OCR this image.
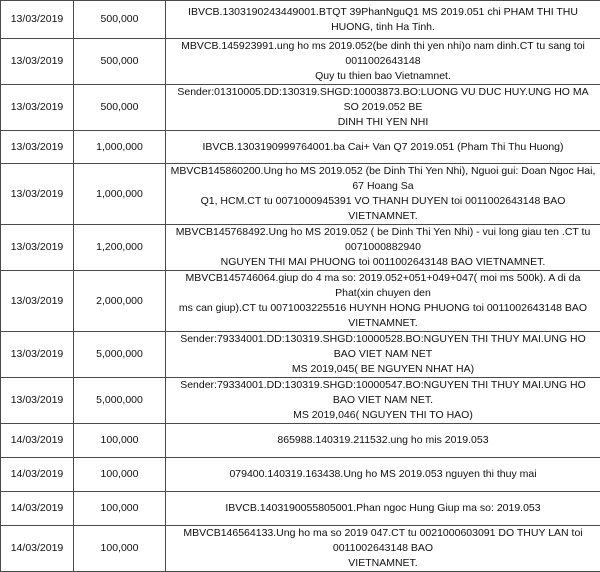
13/03/2019	500,000	IBVCB.1303190243449001.BTQT 39PhanNguQ1 MS 2019.051 chi PHAM THI THU HUONG, tinh Ha Tinh.

13/03/2019	500,000	MBVCB.145923991.ung ho ms 2019.052(be dinh thi yen nhi)o nam dinh.CT tu sang toi 0011002643148
Quy tu thien bao Vietnamnet.

13/03/2019	500,000	Sender:01310005.DD:130319.SHGD:10003873.BO:LUONG VU DUC HUY.UNG HO MA SO 2019.052 BE
DINH THI YEN NHI

13/03/2019	1,000,000	IBVCB.1303190999764001.ba Cai+ Van Q7 2019.051 (Pham Thi Thu Huong)

13/03/2019	1,000,000	MBVCB145860200.Ung ho MS 2019.052 (be Dinh Thi Yen Nhi), Nguoi gui: Doan Ngoc Hai, 67 Hoang Sa
Q1, HCM.CT tu 0071000945391 VO THANH DUYEN toi 0011002643148 BAO VIETNAMNET.

13/03/2019	1,200,000	MBVCB145768492.Ung ho MS 2019.052 ( be Dinh Thi Yen Nhi) - vui long giau ten .CT tu 0071000882940
NGUYEN THI MAI PHUONG toi 0011002643148 BAO VIETNAMNET.

13/03/2019	2,000,000	MBVCB145746064.giup do 4 ma so: 2019.052+051+049+047( moi ms 500k). A di da Phat(xin chuyen den
ms can giup).CT tu 0071003225516 HUYNH HONG PHUONG toi 0011002643148 BAO VIETNAMNET.

13/03/2019	5,000,000	Sender:79334001.DD:130319.SHGD:10000528.BO:NGUYEN THI THUY MAI.UNG HO BAO VIET NAM NET
MS 2019,045( BE NGUYEN NHAT HA)

13/03/2019	5,000,000	Sender:79334001.DD:130319.SHGD:10000547.BO:NGUYEN THI THUY MAI.UNG HO BAO VIET NAM NET.
MS 2019,046( NGUYEN THI TO HAO)

14/03/2019	100,000	865988.140319.211532.ung ho mis 2019.053

14/03/2019	100,000	079400.140319.163438.Ung ho MS 2019.053 nguyen thi thuy mai

14/03/2019	100,000	IBVCB.1403190055805001.Phan ngoc Hung Giup ma so: 2019.053

14/03/2019	100,000	MBVCB146564133.Ung ho ma so 2019 047.CT tu 0021000603091 DO THUY LAN toi 0011002643148 BAO
VIETNAMNET.
